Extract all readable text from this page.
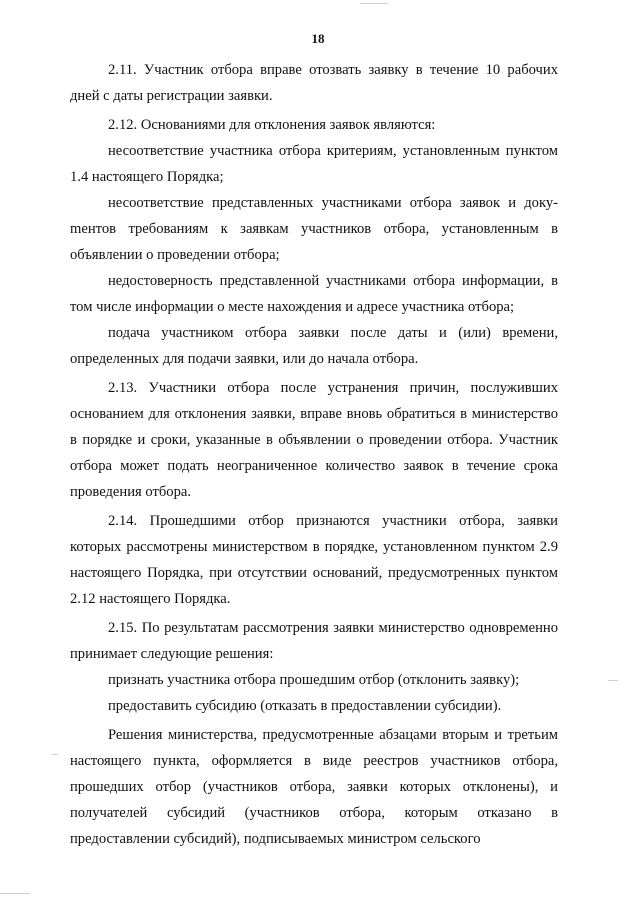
18

2.11. Участник отбора вправе отозвать заявку в течение 10 рабочих дней с даты регистрации заявки.

2.12. Основаниями для отклонения заявок являются:

несоответствие участника отбора критериям, установленным пунктом 1.4 настоящего Порядка;

несоответствие представленных участниками отбора заявок и докуmентов требованиям к заявкам участников отбора, установленным в объявлении о проведении отбора;

недостоверность представленной участниками отбора информации, в том числе информации о месте нахождения и адресе участника отбора;

подача участником отбора заявки после даты и (или) времени, определенных для подачи заявки, или до начала отбора.

2.13. Участники отбора после устранения причин, послуживших основанием для отклонения заявки, вправе вновь обратиться в министерство в порядке и сроки, указанные в объявлении о проведении отбора. Участник отбора может подать неограниченное количество заявок в течение срока проведения отбора.

2.14. Прошедшими отбор признаются участники отбора, заявки которых рассмотрены министерством в порядке, установленном пунктом 2.9 настоящего Порядка, при отсутствии оснований, предусмотренных пунктом 2.12 настоящего Порядка.

2.15. По результатам рассмотрения заявки министерство одновременно принимает следующие решения:

признать участника отбора прошедшим отбор (отклонить заявку);

предоставить субсидию (отказать в предоставлении субсидии).

Решения министерства, предусмотренные абзацами вторым и третьим настоящего пункта, оформляется в виде реестров участников отбора, прошедших отбор (участников отбора, заявки которых отклонены), и получателей субсидий (участников отбора, которым отказано в предоставлении субсидий), подписываемых министром сельского
